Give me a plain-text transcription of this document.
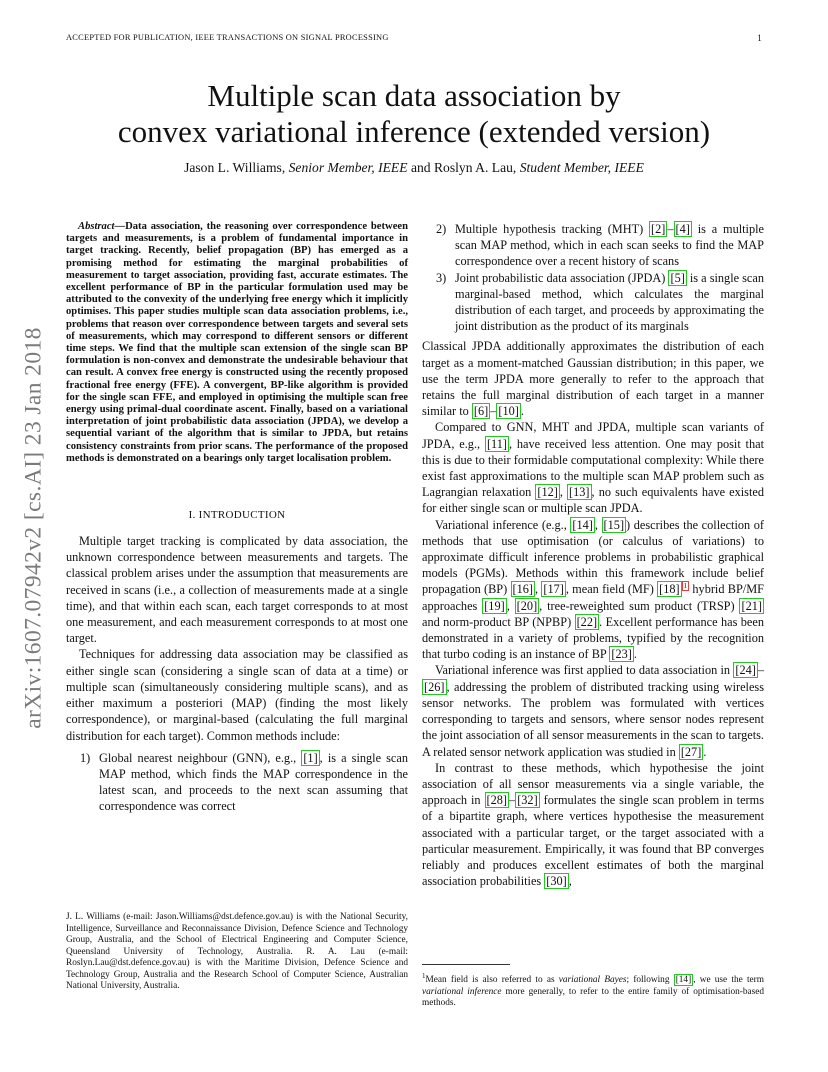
ACCEPTED FOR PUBLICATION, IEEE TRANSACTIONS ON SIGNAL PROCESSING	1
Multiple scan data association by
convex variational inference (extended version)
Jason L. Williams, Senior Member, IEEE and Roslyn A. Lau, Student Member, IEEE
arXiv:1607.07942v2 [cs.AI] 23 Jan 2018

Abstract—Data association, the reasoning over correspondence between targets and measurements, is a problem of fundamental importance in target tracking. Recently, belief propagation (BP) has emerged as a promising method for estimating the marginal probabilities of measurement to target association, providing fast, accurate estimates. The excellent performance of BP in the particular formulation used may be attributed to the convexity of the underlying free energy which it implicitly optimises. This paper studies multiple scan data association problems, i.e., problems that reason over correspondence between targets and several sets of measurements, which may correspond to different sensors or different time steps. We find that the multiple scan extension of the single scan BP formulation is non-convex and demonstrate the undesirable behaviour that can result. A convex free energy is constructed using the recently proposed fractional free energy (FFE). A convergent, BP-like algorithm is provided for the single scan FFE, and employed in optimising the multiple scan free energy using primal-dual coordinate ascent. Finally, based on a variational interpretation of joint probabilistic data association (JPDA), we develop a sequential variant of the algorithm that is similar to JPDA, but retains consistency constraints from prior scans. The performance of the proposed methods is demonstrated on a bearings only target localisation problem.

I. INTRODUCTION

Multiple target tracking is complicated by data association, the unknown correspondence between measurements and targets. The classical problem arises under the assumption that measurements are received in scans (i.e., a collection of measurements made at a single time), and that within each scan, each target corresponds to at most one measurement, and each measurement corresponds to at most one target.

Techniques for addressing data association may be classified as either single scan (considering a single scan of data at a time) or multiple scan (simultaneously considering multiple scans), and as either maximum a posteriori (MAP) (finding the most likely correspondence), or marginal-based (calculating the full marginal distribution for each target). Common methods include:

1) Global nearest neighbour (GNN), e.g., [1] , is a single scan MAP method, which finds the MAP correspondence in the latest scan, and proceeds to the next scan assuming that correspondence was correct
J. L. Williams (e-mail: Jason.Williams@dst.defence.gov.au) is with the National Security, Intelligence, Surveillance and Reconnaissance Division, Defence Science and Technology Group, Australia, and the School of Electrical Engineering and Computer Science, Queensland University of Technology, Australia. R. A. Lau (e-mail: Roslyn.Lau@dst.defence.gov.au) is with the Maritime Division, Defence Science and Technology Group, Australia and the Research School of Computer Science, Australian National University, Australia.
2) Multiple hypothesis tracking (MHT) [2] – [4] is a multiple scan MAP method, which in each scan seeks to find the MAP correspondence over a recent history of scans
3) Joint probabilistic data association (JPDA) [5] is a single scan marginal-based method, which calculates the marginal distribution of each target, and proceeds by approximating the joint distribution as the product of its marginals

Classical JPDA additionally approximates the distribution of each target as a moment-matched Gaussian distribution; in this paper, we use the term JPDA more generally to refer to the approach that retains the full marginal distribution of each target in a manner similar to [6] – [10] .

Compared to GNN, MHT and JPDA, multiple scan variants of JPDA, e.g., [11] , have received less attention. One may posit that this is due to their formidable computational complexity: While there exist fast approximations to the multiple scan MAP problem such as Lagrangian relaxation [12] , [13] , no such equivalents have existed for either single scan or multiple scan JPDA.

Variational inference (e.g., [14] , [15] ) describes the collection of methods that use optimisation (or calculus of variations) to approximate difficult inference problems in probabilistic graphical models (PGMs). Methods within this framework include belief propagation (BP) [16] , [17] , mean field (MF) [18] $^1$ hybrid BP/MF approaches [19] , [20] , tree-reweighted sum product (TRSP) [21] and norm-product BP (NPBP) [22] . Excellent performance has been demonstrated in a variety of problems, typified by the recognition that turbo coding is an instance of BP [23] .

Variational inference was first applied to data association in [24] –[26] , addressing the problem of distributed tracking using wireless sensor networks. The problem was formulated with vertices corresponding to targets and sensors, where sensor nodes represent the joint association of all sensor measurements in the scan to targets. A related sensor network application was studied in [27] .

In contrast to these methods, which hypothesise the joint association of all sensor measurements via a single variable, the approach in [28] – [32] formulates the single scan problem in terms of a bipartite graph, where vertices hypothesise the measurement associated with a particular target, or the target associated with a particular measurement. Empirically, it was found that BP converges reliably and produces excellent estimates of both the marginal association probabilities [30] ,

$^1$Mean field is also referred to as variational Bayes; following [14] , we use the term variational inference more generally, to refer to the entire family of optimisation-based methods.
